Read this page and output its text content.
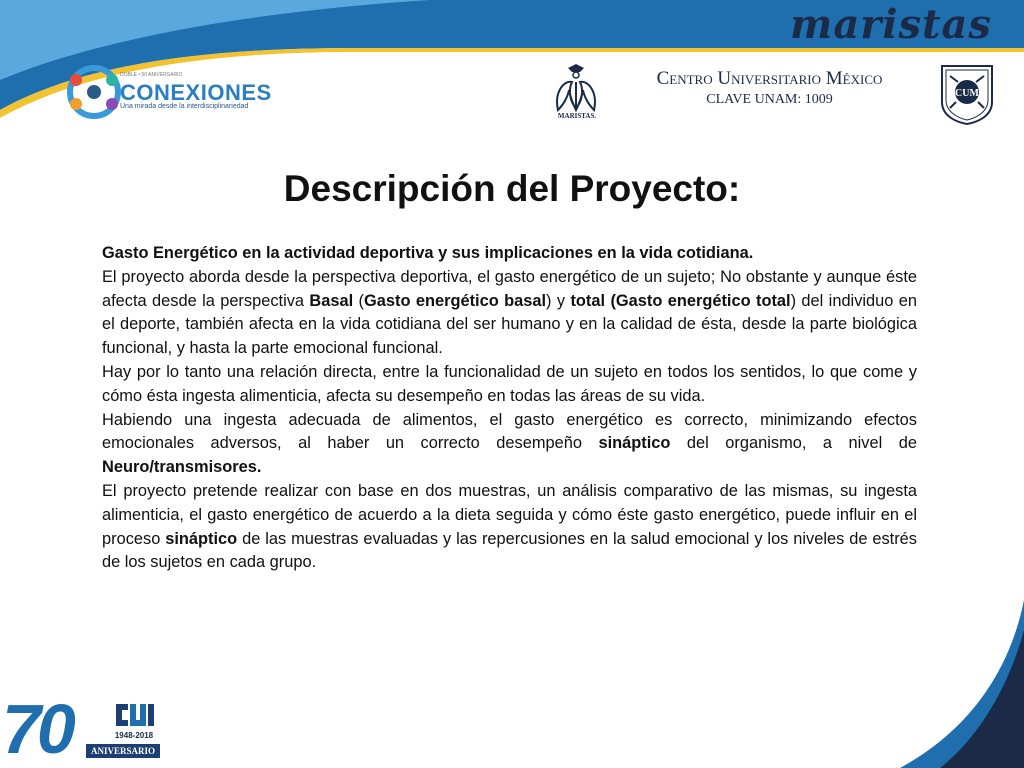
maristas
DOBLE • 50 ANIVERSARIO
CONEXIONES
Una mirada desde la interdisciplinariedad
MARISTAS.
Centro Universitario México
CLAVE UNAM: 1009	CUM
Descripción del Proyecto:

Gasto Energético en la actividad deportiva y sus implicaciones en la vida cotidiana.

El proyecto aborda desde la perspectiva deportiva, el gasto energético de un sujeto; No obstante y aunque éste afecta desde la perspectiva Basal (Gasto energético basal) y total (Gasto energético total) del individuo en el deporte, también afecta en la vida cotidiana del ser humano y en la calidad de ésta, desde la parte biológica funcional, y hasta la parte emocional funcional.

Hay por lo tanto una relación directa, entre la funcionalidad de un sujeto en todos los sentidos, lo que come y cómo ésta ingesta alimenticia, afecta su desempeño en todas las áreas de su vida.

Habiendo una ingesta adecuada de alimentos, el gasto energético es correcto, minimizando efectos emocionales adversos, al haber un correcto desempeño sináptico del organismo, a nivel de Neuro/transmisores.

El proyecto pretende realizar con base en dos muestras, un análisis comparativo de las mismas, su ingesta alimenticia, el gasto energético de acuerdo a la dieta seguida y cómo éste gasto energético, puede influir en el proceso sináptico de las muestras evaluadas y las repercusiones en la salud emocional y los niveles de estrés de los sujetos en cada grupo.

70	1948-2018
ANIVERSARIO
